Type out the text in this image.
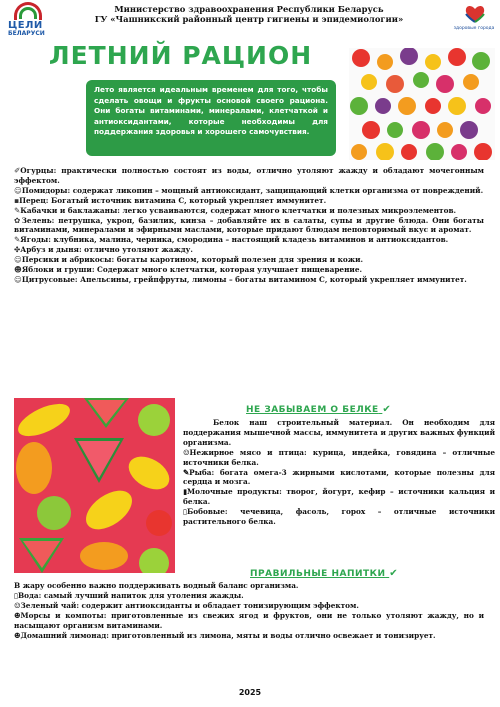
ЦЕЛИ
БЕЛАРУСИ
Министерство здравоохранения Республики Беларусь
ГУ «Чашникский районный центр гигиены и эпидемиологии»
здоровые города
ЛЕТНИЙ РАЦИОН
Лето является идеальным временем для того, чтобы сделать овощи и фрукты основой своего рациона. Они богаты витаминами, минералами, клетчаткой и антиоксидантами, которые необходимы для поддержания здоровья и хорошего самочувствия.
✐Огурцы: практически полностью состоят из воды, отлично утоляют жажду и обладают мочегонным эффектом.
☺Помидоры: содержат ликопин – мощный антиоксидант, защищающий клетки организма от повреждений.
▪Перец: Богатый источник витамина С, который укрепляет иммунитет.
✎Кабачки и баклажаны: легко усваиваются, содержат много клетчатки и полезных микроэлементов.
✿Зелень: петрушка, укроп, базилик, кинза – добавляйте их в салаты, супы и другие блюда. Они богаты витаминами, минералами и эфирными маслами, которые придают блюдам неповторимый вкус и аромат.
✎Ягоды: клубника, малина, черника, смородина – настоящий кладезь витаминов и антиоксидантов.
✤Арбуз и дыня: отлично утоляют жажду.
☺Персики и абрикосы: богаты каротином, который полезен для зрения и кожи.
☻Яблоки и груши: Содержат много клетчатки, которая улучшает пищеварение.
☺Цитрусовые: Апельсины, грейпфруты, лимоны – богаты витамином С, который укрепляет иммунитет.
НЕ ЗАБЫВАЕМ О БЕЛКЕ ✔
Белок наш строительный материал. Он необходим для поддержания мышечной массы, иммунитета и других важных функций организма.
☺Нежирное мясо и птица: курица, индейка, говядина – отличные источники белка.
✎Рыба: богата омега-3 жирными кислотами, которые полезны для сердца и мозга.
▮Молочные продукты: творог, йогурт, кефир – источники кальция и белка.
▯Бобовые: чечевица, фасоль, горох – отличные источники растительного белка.
ПРАВИЛЬНЫЕ НАПИТКИ ✔
В жару особенно важно поддерживать водный баланс организма.
▯Вода: самый лучший напиток для утоления жажды.
☺Зеленый чай: содержит антиоксиданты и обладает тонизирующим эффектом.
☻Морсы и компоты: приготовленные из свежих ягод и фруктов, они не только утоляют жажду, но и насыщают организм витаминами.
☻Домашний лимонад: приготовленный из лимона, мяты и воды отлично освежает и тонизирует.
2025
